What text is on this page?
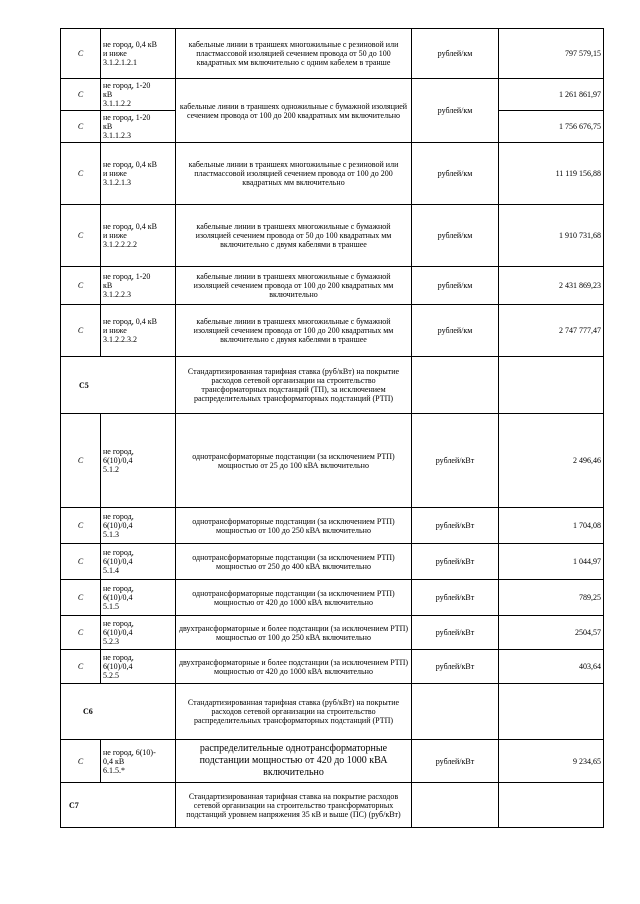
C	не город, 0,4 кВ
и ниже
3.1.2.1.2.1	кабельные линии в траншеях многожильные с резиновой или пластмассовой изоляцией сечением провода от 50 до 100 квадратных мм включительно с одним кабелем в транше	рублей/км	797 579,15
C	не город, 1-20
кВ
3.1.1.2.2	кабельные линии в траншеях одножильные с бумажной изоляцией сечением провода от 100 до 200 квадратных мм включительно	рублей/км	1 261 861,97
C	не город, 1-20
кВ
3.1.1.2.3			1 756 676,75
C	не город, 0,4 кВ
и ниже
3.1.2.1.3	кабельные линии в траншеях многожильные с резиновой или пластмассовой изоляцией сечением провода от 100 до 200 квадратных мм включительно	рублей/км	11 119 156,88
C	не город, 0,4 кВ
и ниже
3.1.2.2.2.2	кабельные линии в траншеях многожильные с бумажной изоляцией сечением провода от 50 до 100 квадратных мм включительно с двумя кабелями в траншее	рублей/км	1 910 731,68
C	не город, 1-20
кВ
3.1.2.2.3	кабельные линии в траншеях многожильные с бумажной изоляцией сечением провода от 100 до 200 квадратных мм включительно	рублей/км	2 431 869,23
C	не город, 0,4 кВ
и ниже
3.1.2.2.3.2	кабельные линии в траншеях многожильные с бумажной изоляцией сечением провода от 100 до 200 квадратных мм включительно с двумя кабелями в траншее	рублей/км	2 747 777,47
С5		Стандартизированная тарифная ставка (руб/кВт) на покрытие расходов сетевой организации на строительство трансформаторных подстанций (ТП), за исключением распределительных трансформаторных подстанций (РТП)		
C	не город,
6(10)/0,4
5.1.2	однотрансформаторные подстанции (за исключением РТП) мощностью от 25 до 100 кВА включительно	рублей/кВт	2 496,46
C	не город,
6(10)/0,4
5.1.3	однотрансформаторные подстанции (за исключением РТП) мощностью от 100 до 250 кВА включительно	рублей/кВт	1 704,08
C	не город,
6(10)/0,4
5.1.4	однотрансформаторные подстанции (за исключением РТП) мощностью от 250 до 400 кВА включительно	рублей/кВт	1 044,97
C	не город,
6(10)/0,4
5.1.5	однотрансформаторные подстанции (за исключением РТП) мощностью от 420 до 1000 кВА включительно	рублей/кВт	789,25
C	не город,
6(10)/0,4
5.2.3	двухтрансформаторные и более подстанции (за исключением РТП) мощностью от 100 до 250 кВА включительно	рублей/кВт	2504,57
C	не город,
6(10)/0,4
5.2.5	двухтрансформаторные и более подстанции (за исключением РТП) мощностью от 420 до 1000 кВА включительно	рублей/кВт	403,64
С6		Стандартизированная тарифная ставка (руб/кВт) на покрытие расходов сетевой организации на строительство распределительных трансформаторных подстанций (РТП)		
C	не город, 6(10)-
0,4 кВ
6.1.5.*	распределительные однотрансформаторные подстанции мощностью от 420 до 1000 кВА включительно	рублей/кВт	9 234,65
С7		Стандартизированная тарифная ставка на покрытие расходов сетевой организации на строительство трансформаторных подстанций уровнем напряжения 35 кВ и выше (ПС) (руб/кВт)		
